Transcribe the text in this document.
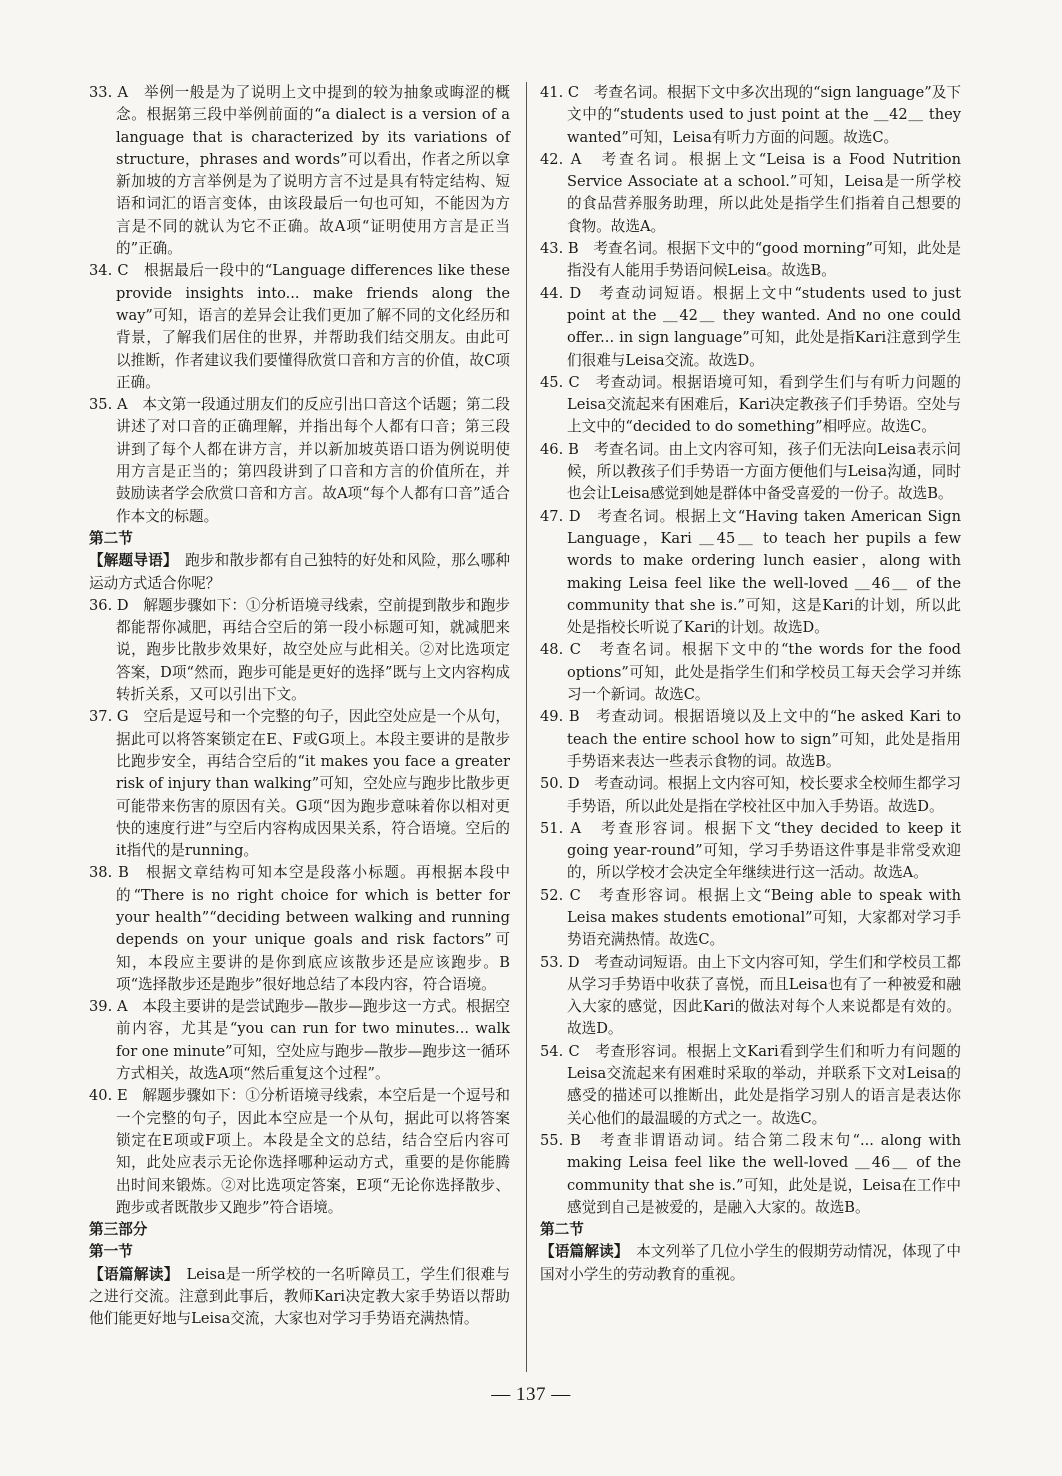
33. A　举例一般是为了说明上文中提到的较为抽象或晦涩的概念。根据第三段中举例前面的“a dialect is a version of a language that is characterized by its variations of structure，phrases and words”可以看出，作者之所以拿新加坡的方言举例是为了说明方言不过是具有特定结构、短语和词汇的语言变体，由该段最后一句也可知，不能因为方言是不同的就认为它不正确。故A项“证明使用方言是正当的”正确。

34. C　根据最后一段中的“Language differences like these provide insights into... make friends along the way”可知，语言的差异会让我们更加了解不同的文化经历和背景，了解我们居住的世界，并帮助我们结交朋友。由此可以推断，作者建议我们要懂得欣赏口音和方言的价值，故C项正确。

35. A　本文第一段通过朋友们的反应引出口音这个话题；第二段讲述了对口音的正确理解，并指出每个人都有口音；第三段讲到了每个人都在讲方言，并以新加坡英语口语为例说明使用方言是正当的；第四段讲到了口音和方言的价值所在，并鼓励读者学会欣赏口音和方言。故A项“每个人都有口音”适合作本文的标题。

第二节

【解题导语】　跑步和散步都有自己独特的好处和风险，那么哪种运动方式适合你呢？

36. D　解题步骤如下：①分析语境寻线索，空前提到散步和跑步都能帮你减肥，再结合空后的第一段小标题可知，就减肥来说，跑步比散步效果好，故空处应与此相关。②对比选项定答案，D项“然而，跑步可能是更好的选择”既与上文内容构成转折关系，又可以引出下文。

37. G　空后是逗号和一个完整的句子，因此空处应是一个从句，据此可以将答案锁定在E、F或G项上。本段主要讲的是散步比跑步安全，再结合空后的“it makes you face a greater risk of injury than walking”可知，空处应与跑步比散步更可能带来伤害的原因有关。G项“因为跑步意味着你以相对更快的速度行进”与空后内容构成因果关系，符合语境。空后的it指代的是running。

38. B　根据文章结构可知本空是段落小标题。再根据本段中的“There is no right choice for which is better for your health”“deciding between walking and running depends on your unique goals and risk factors”可知，本段应主要讲的是你到底应该散步还是应该跑步。B项“选择散步还是跑步”很好地总结了本段内容，符合语境。

39. A　本段主要讲的是尝试跑步—散步—跑步这一方式。根据空前内容，尤其是“you can run for two minutes... walk for one minute”可知，空处应与跑步—散步—跑步这一循环方式相关，故选A项“然后重复这个过程”。

40. E　解题步骤如下：①分析语境寻线索，本空后是一个逗号和一个完整的句子，因此本空应是一个从句，据此可以将答案锁定在E项或F项上。本段是全文的总结，结合空后内容可知，此处应表示无论你选择哪种运动方式，重要的是你能腾出时间来锻炼。②对比选项定答案，E项“无论你选择散步、跑步或者既散步又跑步”符合语境。

第三部分

第一节

【语篇解读】　Leisa是一所学校的一名听障员工，学生们很难与之进行交流。注意到此事后，教师Kari决定教大家手势语以帮助他们能更好地与Leisa交流，大家也对学习手势语充满热情。

41. C　考查名词。根据下文中多次出现的“sign language”及下文中的“students used to just point at the ＿42＿ they wanted”可知，Leisa有听力方面的问题。故选C。

42. A　考查名词。根据上文“Leisa is a Food Nutrition Service Associate at a school.”可知，Leisa是一所学校的食品营养服务助理，所以此处是指学生们指着自己想要的食物。故选A。

43. B　考查名词。根据下文中的“good morning”可知，此处是指没有人能用手势语问候Leisa。故选B。

44. D　考查动词短语。根据上文中“students used to just point at the ＿42＿ they wanted. And no one could offer... in sign language”可知，此处是指Kari注意到学生们很难与Leisa交流。故选D。

45. C　考查动词。根据语境可知，看到学生们与有听力问题的Leisa交流起来有困难后，Kari决定教孩子们手势语。空处与上文中的“decided to do something”相呼应。故选C。

46. B　考查名词。由上文内容可知，孩子们无法向Leisa表示问候，所以教孩子们手势语一方面方便他们与Leisa沟通，同时也会让Leisa感觉到她是群体中备受喜爱的一份子。故选B。

47. D　考查名词。根据上文“Having taken American Sign Language，Kari ＿45＿ to teach her pupils a few words to make ordering lunch easier，along with making Leisa feel like the well-loved ＿46＿ of the community that she is.”可知，这是Kari的计划，所以此处是指校长听说了Kari的计划。故选D。

48. C　考查名词。根据下文中的“the words for the food options”可知，此处是指学生们和学校员工每天会学习并练习一个新词。故选C。

49. B　考查动词。根据语境以及上文中的“he asked Kari to teach the entire school how to sign”可知，此处是指用手势语来表达一些表示食物的词。故选B。

50. D　考查动词。根据上文内容可知，校长要求全校师生都学习手势语，所以此处是指在学校社区中加入手势语。故选D。

51. A　考查形容词。根据下文“they decided to keep it going year-round”可知，学习手势语这件事是非常受欢迎的，所以学校才会决定全年继续进行这一活动。故选A。

52. C　考查形容词。根据上文“Being able to speak with Leisa makes students emotional”可知，大家都对学习手势语充满热情。故选C。

53. D　考查动词短语。由上下文内容可知，学生们和学校员工都从学习手势语中收获了喜悦，而且Leisa也有了一种被爱和融入大家的感觉，因此Kari的做法对每个人来说都是有效的。故选D。

54. C　考查形容词。根据上文Kari看到学生们和听力有问题的Leisa交流起来有困难时采取的举动，并联系下文对Leisa的感受的描述可以推断出，此处是指学习别人的语言是表达你关心他们的最温暖的方式之一。故选C。

55. B　考查非谓语动词。结合第二段末句“... along with making Leisa feel like the well-loved ＿46＿ of the community that she is.”可知，此处是说，Leisa在工作中感觉到自己是被爱的，是融入大家的。故选B。

第二节

【语篇解读】　本文列举了几位小学生的假期劳动情况，体现了中国对小学生的劳动教育的重视。

— 137 —
